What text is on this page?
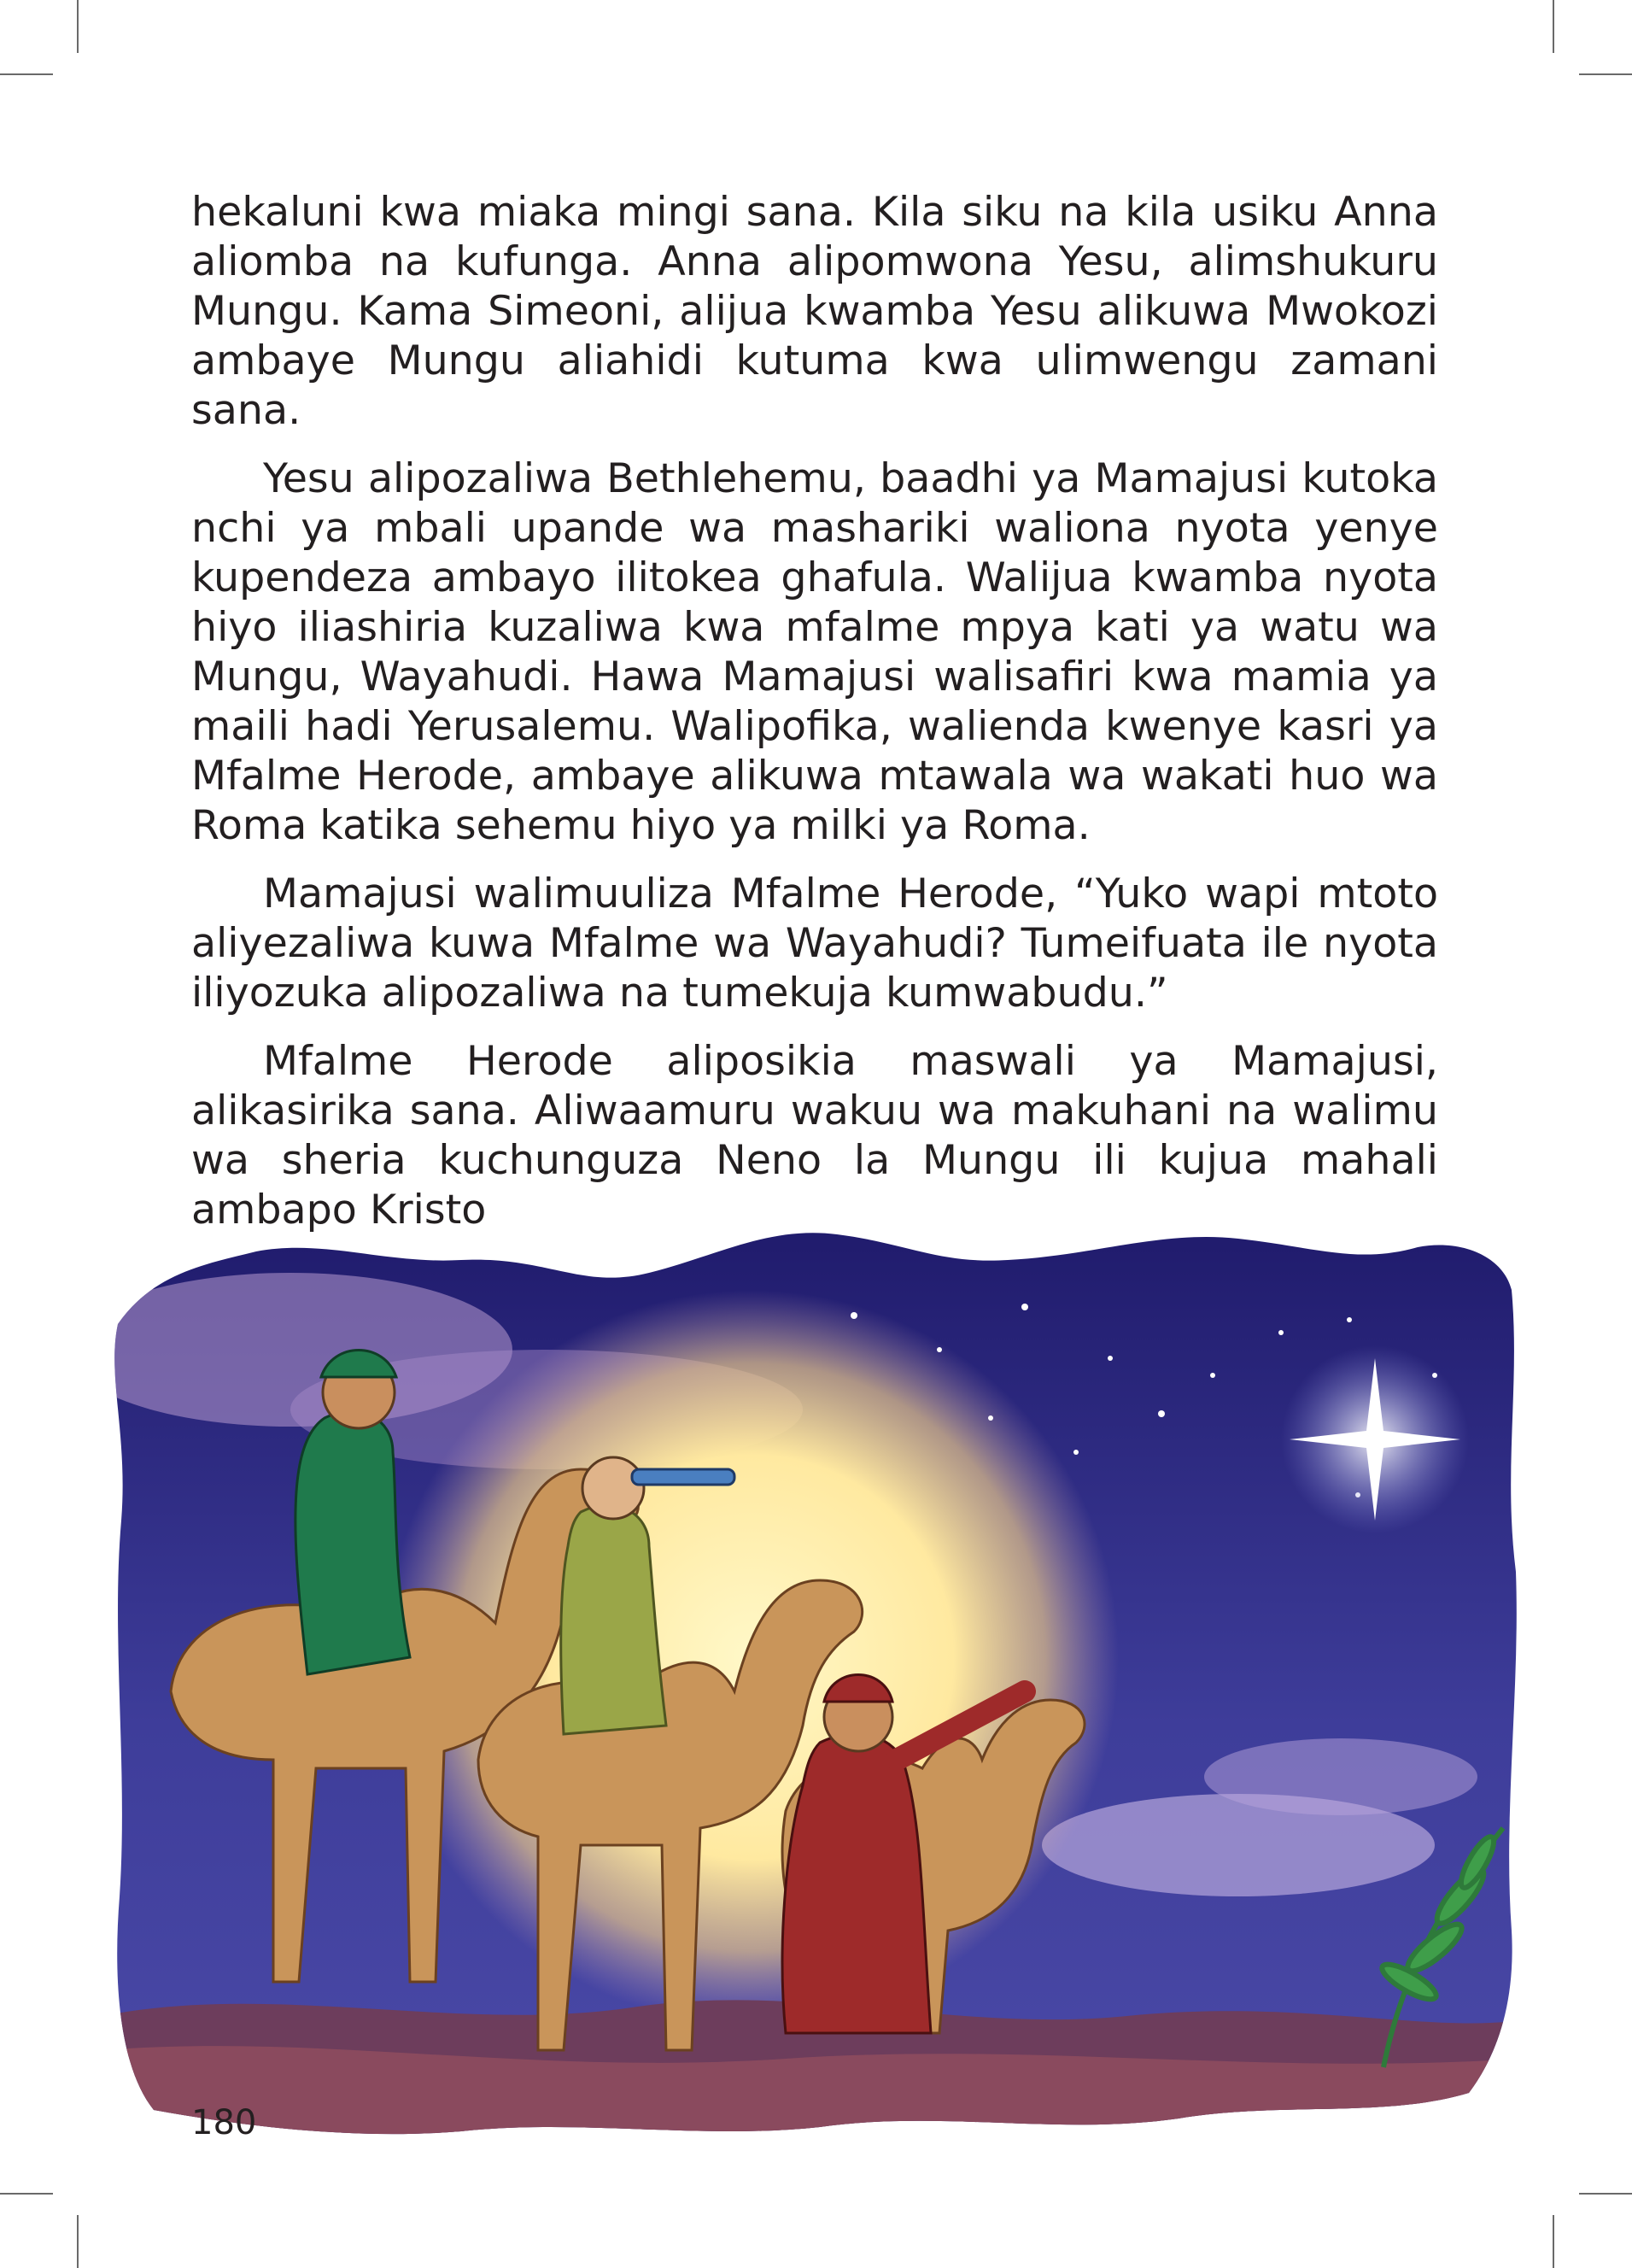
hekaluni kwa miaka mingi sana. Kila siku na kila usiku Anna aliomba na kufunga. Anna alipomwona Yesu, alimshukuru Mungu. Kama Simeoni, alijua kwamba Yesu alikuwa Mwokozi ambaye Mungu aliahidi kutuma kwa ulimwengu zamani sana.

Yesu alipozaliwa Bethlehemu, baadhi ya Mamajusi kutoka nchi ya mbali upande wa mashariki waliona nyota yenye kupendeza ambayo ilitokea ghafula. Walijua kwamba nyota hiyo iliashiria kuzaliwa kwa mfalme mpya kati ya watu wa Mungu, Wayahudi. Hawa Mamajusi walisafiri kwa mamia ya maili hadi Yerusalemu. Walipofika, walienda kwenye kasri ya Mfalme Herode, ambaye alikuwa mtawala wa wakati huo wa Roma katika sehemu hiyo ya milki ya Roma.

Mamajusi walimuuliza Mfalme Herode, “Yuko wapi mtoto aliyezaliwa kuwa Mfalme wa Wayahudi? Tumeifuata ile nyota iliyozuka alipozaliwa na tumekuja kumwabudu.”

Mfalme Herode aliposikia maswali ya Mamajusi, alikasirika sana. Aliwaamuru wakuu wa makuhani na walimu wa sheria kuchunguza Neno la Mungu ili kujua mahali ambapo Kristo

180
